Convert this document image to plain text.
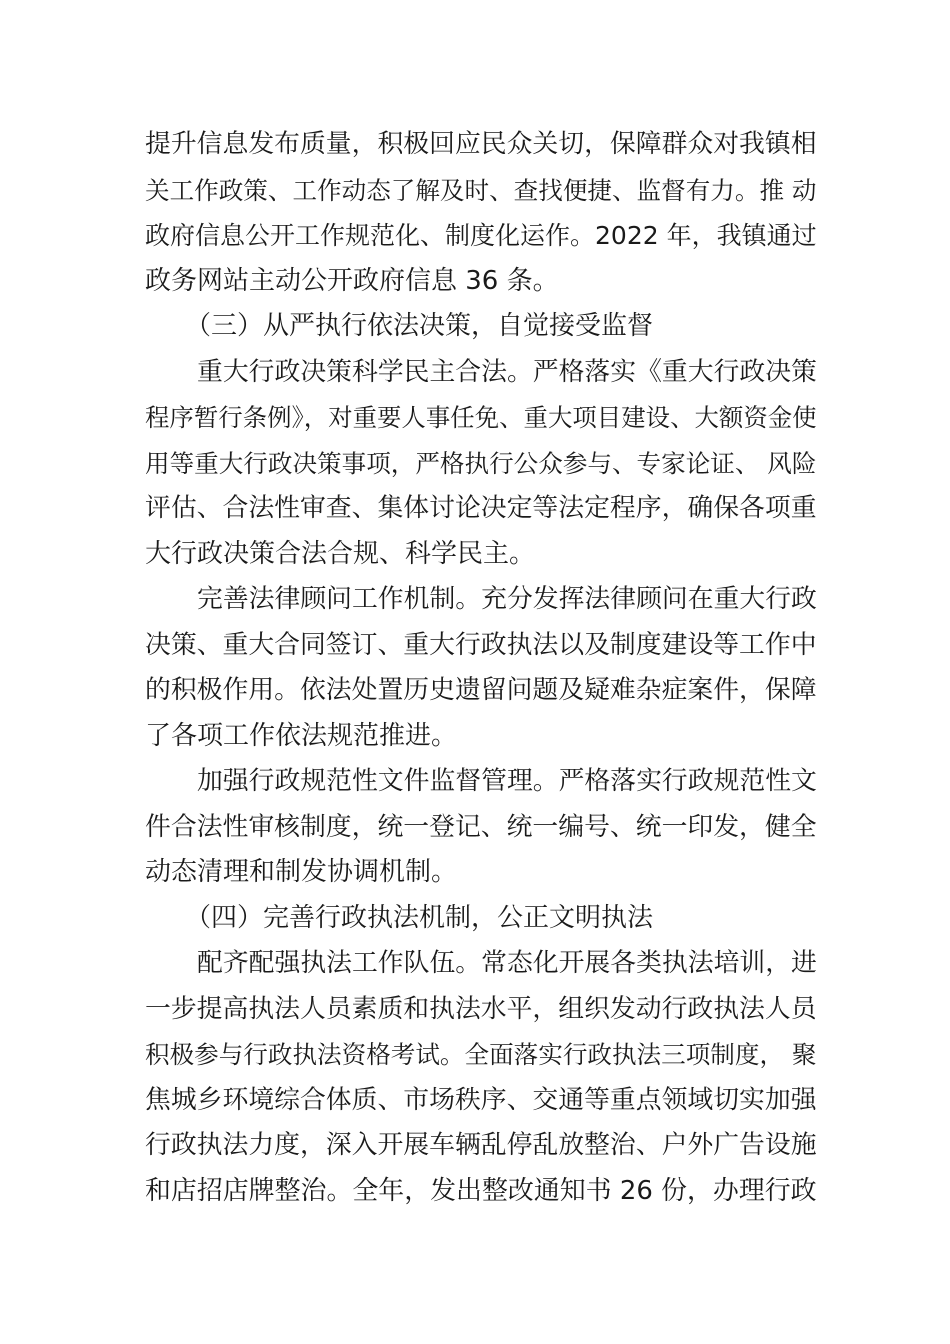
提升信息发布质量，积极回应民众关切，保障群众对我镇相
关工作政策、工作动态了解及时、查找便捷、监督有力。推 动
政府信息公开工作规范化、制度化运作。2022 年，我镇通过
政务网站主动公开政府信息 36 条。
（三）从严执行依法决策，自觉接受监督
重大行政决策科学民主合法。严格落实《重大行政决策
程序暂行条例》，对重要人事任免、重大项目建设、大额资金使
用等重大行政决策事项，严格执行公众参与、专家论证、 风险
评估、合法性审查、集体讨论决定等法定程序，确保各项重
大行政决策合法合规、科学民主。
完善法律顾问工作机制。充分发挥法律顾问在重大行政
决策、重大合同签订、重大行政执法以及制度建设等工作中
的积极作用。依法处置历史遗留问题及疑难杂症案件，保障
了各项工作依法规范推进。
加强行政规范性文件监督管理。严格落实行政规范性文
件合法性审核制度，统一登记、统一编号、统一印发，健全
动态清理和制发协调机制。
（四）完善行政执法机制，公正文明执法
配齐配强执法工作队伍。常态化开展各类执法培训，进
一步提高执法人员素质和执法水平，组织发动行政执法人员
积极参与行政执法资格考试。全面落实行政执法三项制度， 聚
焦城乡环境综合体质、市场秩序、交通等重点领域切实加强
行政执法力度，深入开展车辆乱停乱放整治、户外广告设施
和店招店牌整治。全年，发出整改通知书 26 份，办理行政
